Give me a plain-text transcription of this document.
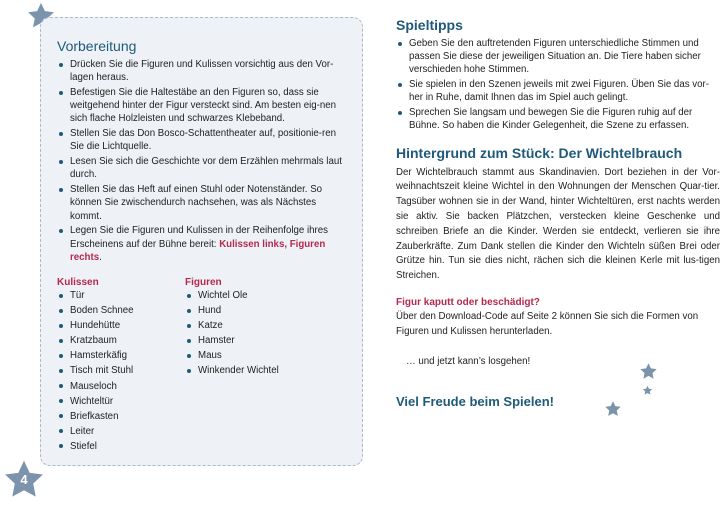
Vorbereitung
Drücken Sie die Figuren und Kulissen vorsichtig aus den Vor-lagen heraus.
Befestigen Sie die Haltestäbe an den Figuren so, dass sie weitgehend hinter der Figur versteckt sind. Am besten eig-nen sich flache Holzleisten und schwarzes Klebeband.
Stellen Sie das Don Bosco-Schattentheater auf, positionie-ren Sie die Lichtquelle.
Lesen Sie sich die Geschichte vor dem Erzählen mehrmals laut durch.
Stellen Sie das Heft auf einen Stuhl oder Notenständer. So können Sie zwischendurch nachsehen, was als Nächstes kommt.
Legen Sie die Figuren und Kulissen in der Reihenfolge ihres Erscheinens auf der Bühne bereit: Kulissen links, Figuren rechts.
Kulissen
Tür
Boden Schnee
Hundehütte
Kratzbaum
Hamsterkäfig
Tisch mit Stuhl
Mauseloch
Wichteltür
Briefkasten
Leiter
Stiefel
Figuren
Wichtel Ole
Hund
Katze
Hamster
Maus
Winkender Wichtel
Spieltipps
Geben Sie den auftretenden Figuren unterschiedliche Stimmen und passen Sie diese der jeweiligen Situation an. Die Tiere haben sicher verschieden hohe Stimmen.
Sie spielen in den Szenen jeweils mit zwei Figuren. Üben Sie das vor-her in Ruhe, damit Ihnen das im Spiel auch gelingt.
Sprechen Sie langsam und bewegen Sie die Figuren ruhig auf der Bühne. So haben die Kinder Gelegenheit, die Szene zu erfassen.
Hintergrund zum Stück: Der Wichtelbrauch

Der Wichtelbrauch stammt aus Skandinavien. Dort beziehen in der Vor-weihnachtszeit kleine Wichtel in den Wohnungen der Menschen Quar-tier. Tagsüber wohnen sie in der Wand, hinter Wichteltüren, erst nachts werden sie aktiv. Sie backen Plätzchen, verstecken kleine Geschenke und schreiben Briefe an die Kinder. Werden sie entdeckt, verlieren sie ihre Zauberkräfte. Zum Dank stellen die Kinder den Wichteln süßen Brei oder Grütze hin. Tun sie dies nicht, rächen sich die kleinen Kerle mit lus-tigen Streichen.

Figur kaputt oder beschädigt?

Über den Download-Code auf Seite 2 können Sie sich die Formen von Figuren und Kulissen herunterladen.

… und jetzt kann’s losgehen!

Viel Freude beim Spielen!

4
